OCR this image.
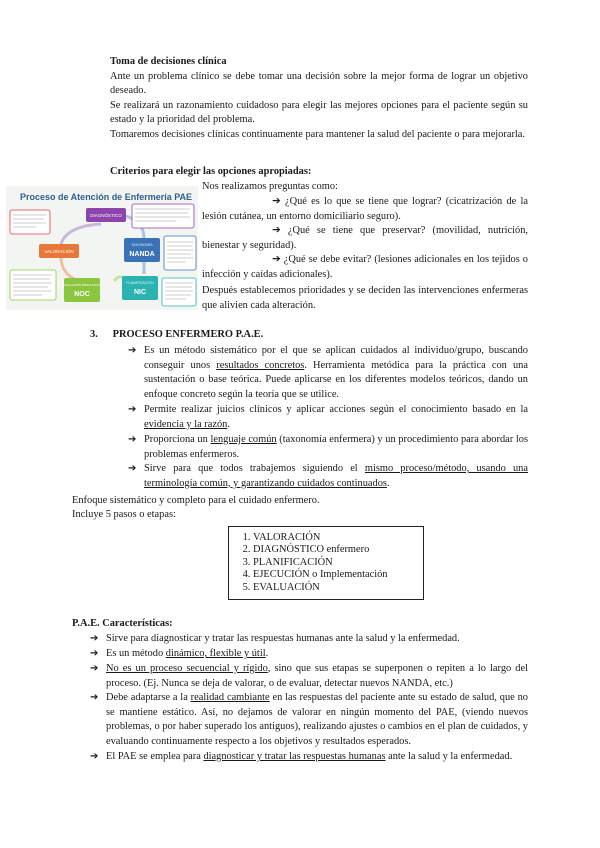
Toma de decisiones clínica
Ante un problema clínico se debe tomar una decisión sobre la mejor forma de lograr un objetivo deseado.
Se realizará un razonamiento cuidadoso para elegir las mejores opciones para el paciente según su estado y la prioridad del problema.
Tomaremos decisiones clínicas continuamente para mantener la salud del paciente o para mejorarla.
Criterios para elegir las opciones apropiadas:
Proceso de Atención de Enfermería PAE
DIAGNÓSTICO
VALORACIÓN
TAXONOMÍA
NANDA
EVALUACIÓN RESULTADOS
NOC
PLANIFICACIÓN
NIC
Nos realizamos preguntas como:
➔ ¿Qué es lo que se tiene que lograr? (cicatrización de la lesión cutánea, un entorno domiciliario seguro).
➔ ¿Qué se tiene que preservar? (movilidad, nutrición, bienestar y seguridad).
➔ ¿Qué se debe evitar? (lesiones adicionales en los tejidos o infección y caídas adicionales).
Después establecemos prioridades y se deciden las intervenciones enfermeras que alivien cada alteración.
3. PROCESO ENFERMERO P.A.E.
➔ Es un método sistemático por el que se aplican cuidados al individuo/grupo, buscando conseguir unos resultados concretos. Herramienta metódica para la práctica con una sustentación o base teórica. Puede aplicarse en los diferentes modelos teóricos, dando un enfoque concreto según la teoría que se utilice.
➔ Permite realizar juicios clínicos y aplicar acciones según el conocimiento basado en la evidencia y la razón.
➔ Proporciona un lenguaje común (taxonomía enfermera) y un procedimiento para abordar los problemas enfermeros.
➔ Sirve para que todos trabajemos siguiendo el mismo proceso/método, usando una terminología común, y garantizando cuidados continuados.
Enfoque sistemático y completo para el cuidado enfermero.
Incluye 5 pasos o etapas:
1. VALORACIÓN
2. DIAGNÓSTICO enfermero
3. PLANIFICACIÓN
4. EJECUCIÓN o Implementación
5. EVALUACIÓN
P.A.E. Características:
➔ Sirve para diagnosticar y tratar las respuestas humanas ante la salud y la enfermedad.
➔ Es un método dinámico, flexible y útil.
➔ No es un proceso secuencial y rígido, sino que sus etapas se superponen o repiten a lo largo del proceso. (Ej. Nunca se deja de valorar, o de evaluar, detectar nuevos NANDA, etc.)
➔ Debe adaptarse a la realidad cambiante en las respuestas del paciente ante su estado de salud, que no se mantiene estático. Así, no dejamos de valorar en ningún momento del PAE, (viendo nuevos problemas, o por haber superado los antiguos), realizando ajustes o cambios en el plan de cuidados, y evaluando continuamente respecto a los objetivos y resultados esperados.
➔ El PAE se emplea para diagnosticar y tratar las respuestas humanas ante la salud y la enfermedad.
